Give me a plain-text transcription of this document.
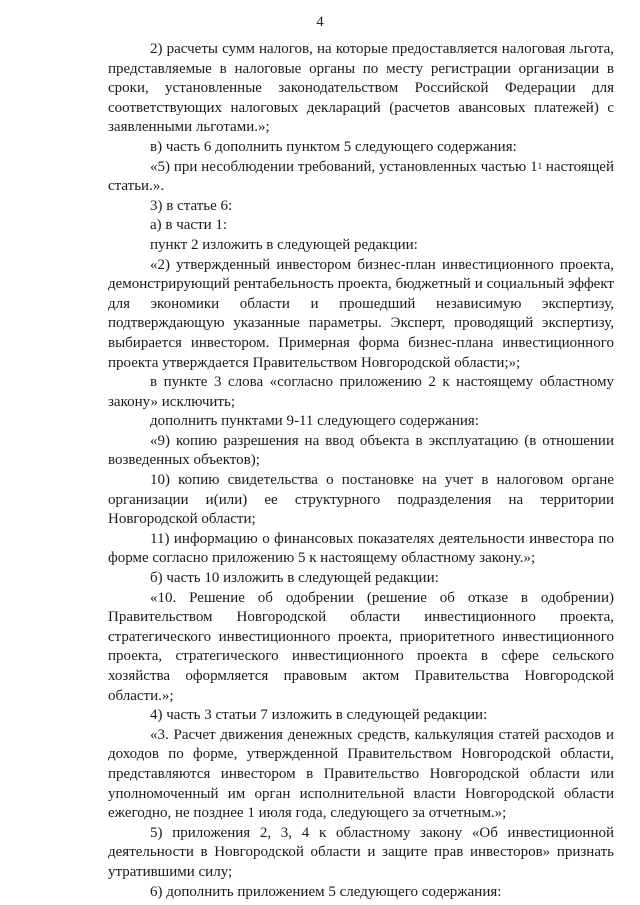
4

2) расчеты сумм налогов, на которые предоставляется налоговая льгота, представляемые в налоговые органы по месту регистрации организации в сроки, установленные законодательством Российской Федерации для соответствующих налоговых деклараций (расчетов авансовых платежей) с заявленными льготами.»;

в) часть 6 дополнить пунктом 5 следующего содержания:

«5) при несоблюдении требований, установленных частью $1^1$ настоящей статьи.».

3) в статье 6:

а) в части 1:

пункт 2 изложить в следующей редакции:

«2) утвержденный инвестором бизнес-план инвестиционного проекта, демонстрирующий рентабельность проекта, бюджетный и социальный эффект для экономики области и прошедший независимую экспертизу, подтверждающую указанные параметры. Эксперт, проводящий экспертизу, выбирается инвестором. Примерная форма бизнес-плана инвестиционного проекта утверждается Правительством Новгородской области;»;

в пункте 3 слова «согласно приложению 2 к настоящему областному закону» исключить;

дополнить пунктами 9-11 следующего содержания:

«9) копию разрешения на ввод объекта в эксплуатацию (в отношении возведенных объектов);

10) копию свидетельства о постановке на учет в налоговом органе организации и(или) ее структурного подразделения на территории Новгородской области;

11) информацию о финансовых показателях деятельности инвестора по форме согласно приложению 5 к настоящему областному закону.»;

б) часть 10 изложить в следующей редакции:

«10. Решение об одобрении (решение об отказе в одобрении) Правительством Новгородской области инвестиционного проекта, стратегического инвестиционного проекта, приоритетного инвестиционного проекта, стратегического инвестиционного проекта в сфере сельского хозяйства оформляется правовым актом Правительства Новгородской области.»;

4) часть 3 статьи 7 изложить в следующей редакции:

«3. Расчет движения денежных средств, калькуляция статей расходов и доходов по форме, утвержденной Правительством Новгородской области, представляются инвестором в Правительство Новгородской области или уполномоченный им орган исполнительной власти Новгородской области ежегодно, не позднее 1 июля года, следующего за отчетным.»;

5) приложения 2, 3, 4 к областному закону «Об инвестиционной деятельности в Новгородской области и защите прав инвесторов» признать утратившими силу;

6) дополнить приложением 5 следующего содержания:
